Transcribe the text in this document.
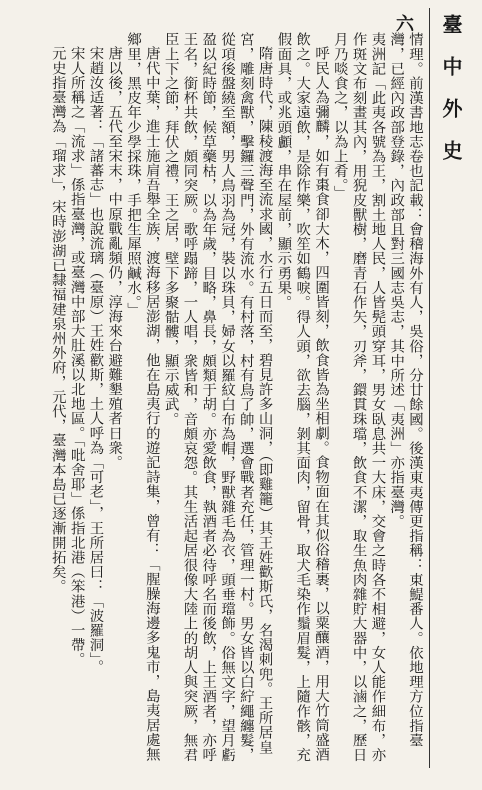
臺中外史
六

情理。前漢書地志卷也記載：會稽海外有人，吳俗，分廿餘國。後漢東夷傳更指稱：東鯷番人。依地理方位指臺灣，已經內政部登錄，內政部且對三國志吳志，其中所述「夷洲」亦指臺灣。

夷洲記「此夷各號為王，割土地人民，人皆髡頭穿耳，男女臥息共一大床，交會之時各不相避，女人能作細布，亦作斑文布刻畫其內，用猊皮獸樹，磨青石作矢，刃斧，鐶貫珠璫，飲食不潔，取生魚肉雜貯大器中，以滷之，歷日月乃啖食之，以為上肴。」

呼民人為彌麟，如有棗食卻大木，四圍皆刻，飲食皆為坐相劇。食物面在其似俗稽裹，以粟釀酒，用大竹筒盛酒飲之。大家遠飲，是除作樂，吹笙如鶴唳。得人頭，欲去腦，剝其面肉，留骨，取犬毛染作鬚眉髮，上隨作骸，充假面具，或兆頭顱，串在屋前，顯示勇果。

隋唐時代，陳稜渡海至流求國，水行五日而至，碧見許多山洞，（即雞籠）其王姓歡斯氏，名渴刺兜。王所居皇宮，雕刻禽獸，擊鑼三聲門，外有流水。有村落，村有鳥了帥，選會戰者充任，管理一村。男女皆以白紵繩纏髮，從項後盤繞至額，男人鳥羽為冠，裝以珠貝，婦女以羅紋白布為帽，野獸雜毛為衣，頭垂璫飾。俗無文字，望月虧盈以紀時節，候草藥枯，以為年歲，目略，鼻長，頗類于胡。亦愛飲食，執酒者必待呼名而後飲，上王酒者，亦呼王名，銜杯共飲，頗同突厥。歌呼蹋蹄，一人唱，衆皆和，音頗哀怨。其生活起居很像大陸上的胡人與突厥，無君臣上下之節，拜伏之禮，王之居，壁下多聚骷髏，顯示威武。

唐代中葉，進士施肩吾舉全族，渡海移居澎湖，他在島夷行的遊記詩集，曾有：「腥臊海邊多鬼市，島夷居處無鄉里，黑皮年少學採珠，手把生犀照鹹水。」

唐以後，五代至宋末，中原戰亂頻仍，淳海來台避難墾殖者日衆。

宋趙汝适著：「諸蕃志」也說流璃（臺原）王姓歡斯，土人呼為「可老」，王所居曰：「波羅洞」。

宋人所稱之「流求」係指臺灣，或臺灣中部大肚溪以北地區。「吡舍耶」係指北港（笨港）一帶。

元史指臺灣為「瑠求」，宋時澎湖已隸福建泉州外府，元代，臺灣本島已逐漸開拓矣。
